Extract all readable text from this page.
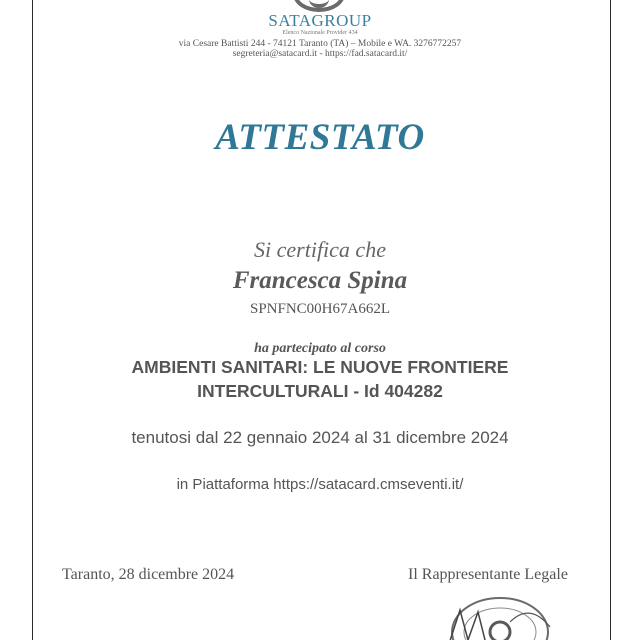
SATAGROUP
Elenco Nazionale Provider 434
via Cesare Battisti 244 - 74121 Taranto (TA) – Mobile e WA. 3276772257
segreteria@satacard.it - https://fad.satacard.it/
ATTESTATO
Si certifica che
Francesca Spina
SPNFNC00H67A662L
ha partecipato al corso
AMBIENTI SANITARI: LE NUOVE FRONTIERE
INTERCULTURALI - Id 404282
tenutosi dal 22 gennaio 2024 al 31 dicembre 2024
in Piattaforma https://satacard.cmseventi.it/
Taranto, 28 dicembre 2024	Il Rappresentante Legale
